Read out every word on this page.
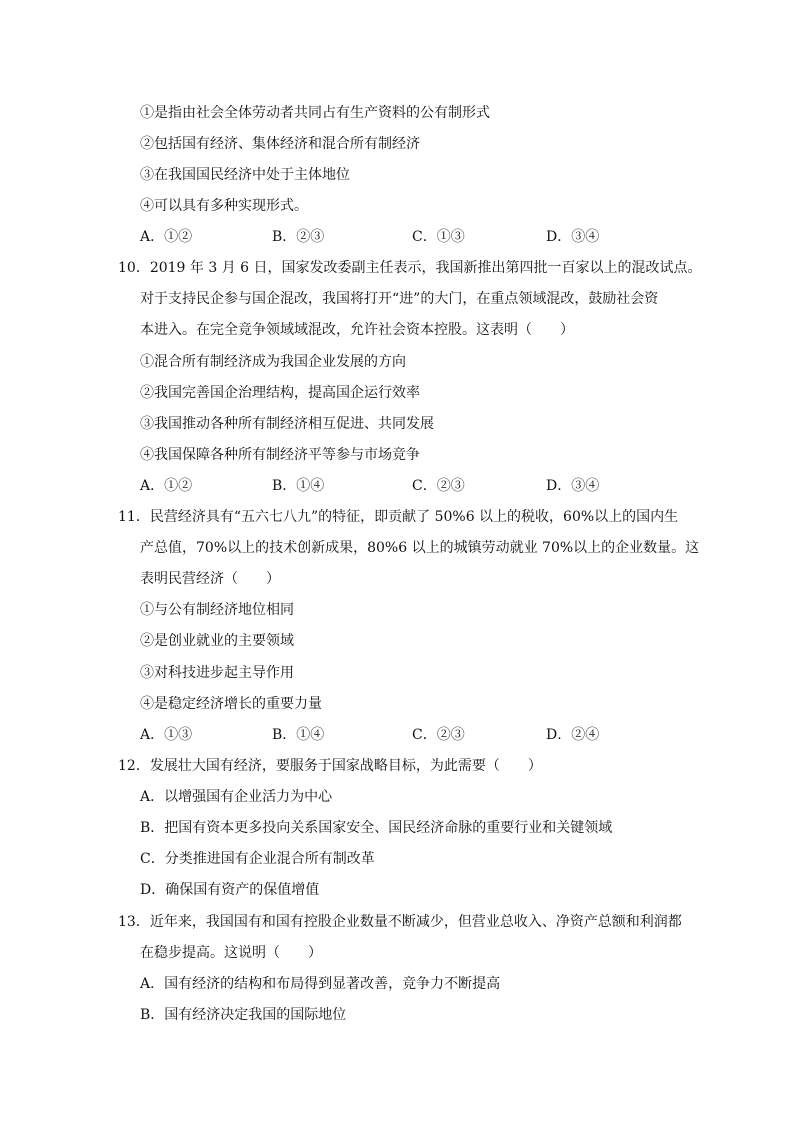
①是指由社会全体劳动者共同占有生产资料的公有制形式
②包括国有经济、集体经济和混合所有制经济
③在我国国民经济中处于主体地位
④可以具有多种实现形式。
A．①②	B．②③	C．①③	D．③④
10．2019 年 3 月 6 日，国家发改委副主任表示，我国新推出第四批一百家以上的混改试点。
对于支持民企参与国企混改，我国将打开“进”的大门，在重点领域混改，鼓励社会资
本进入。在完全竞争领域域混改，允许社会资本控股。这表明（　　）
①混合所有制经济成为我国企业发展的方向
②我国完善国企治理结构，提高国企运行效率
③我国推动各种所有制经济相互促进、共同发展
④我国保障各种所有制经济平等参与市场竞争
A．①②	B．①④	C．②③	D．③④
11．民营经济具有“五六七八九”的特征，即贡献了 50%6 以上的税收，60%以上的国内生
产总值，70%以上的技术创新成果，80%6 以上的城镇劳动就业 70%以上的企业数量。这
表明民营经济（　　）
①与公有制经济地位相同
②是创业就业的主要领域
③对科技进步起主导作用
④是稳定经济增长的重要力量
A．①③	B．①④	C．②③	D．②④
12．发展壮大国有经济，要服务于国家战略目标，为此需要（　　）
A．以增强国有企业活力为中心
B．把国有资本更多投向关系国家安全、国民经济命脉的重要行业和关键领域
C．分类推进国有企业混合所有制改革
D．确保国有资产的保值增值
13．近年来，我国国有和国有控股企业数量不断减少，但营业总收入、净资产总额和利润都
在稳步提高。这说明（　　）
A．国有经济的结构和布局得到显著改善，竞争力不断提高
B．国有经济决定我国的国际地位
